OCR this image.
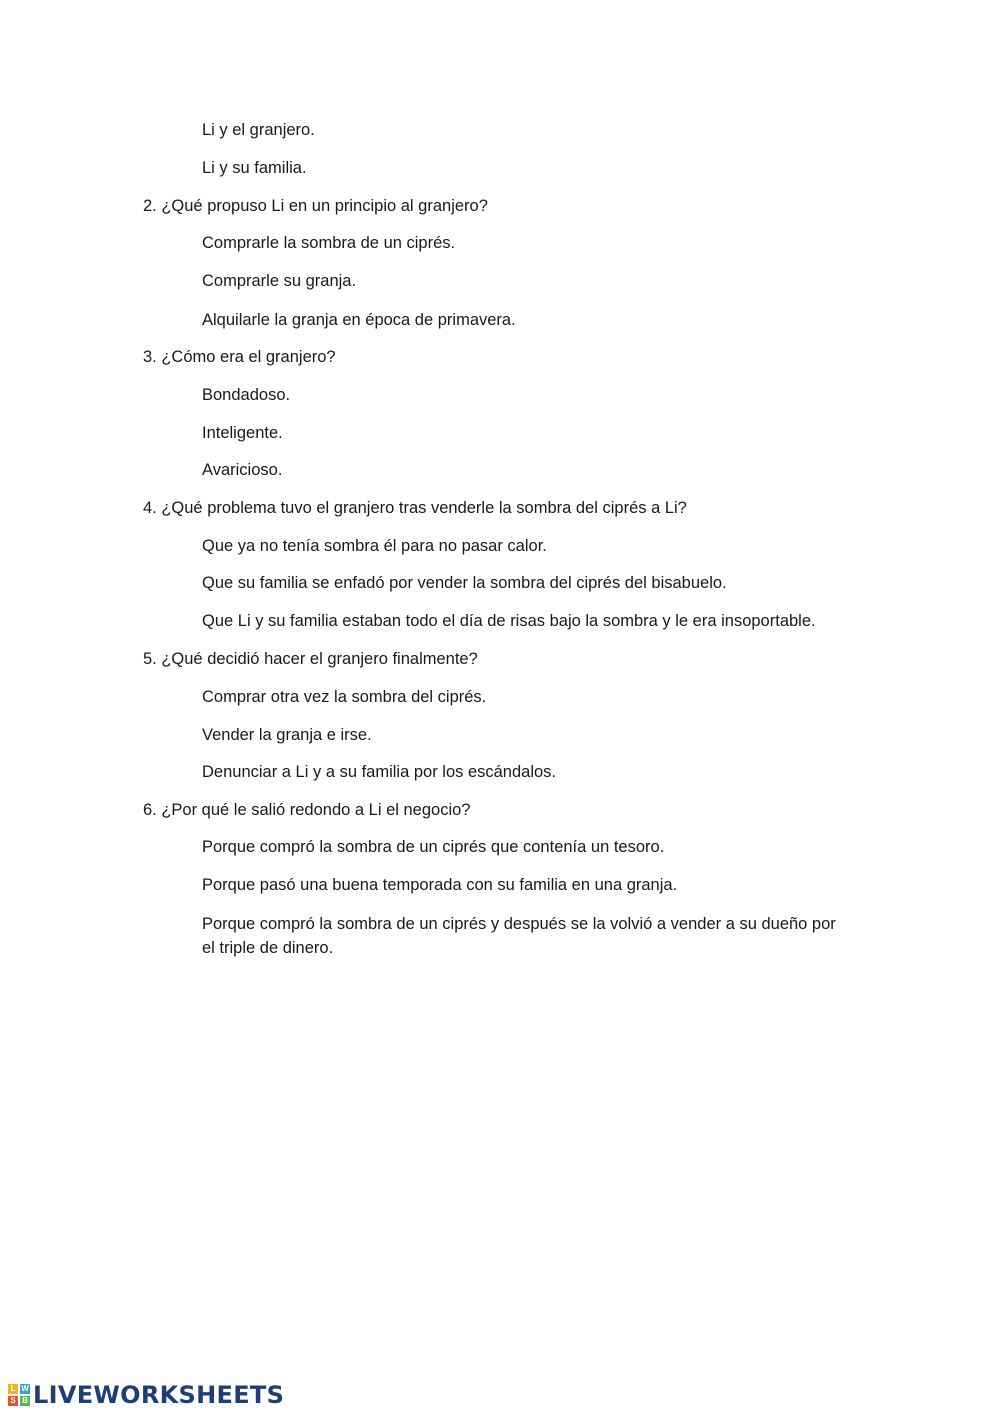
Li y el granjero.
Li y su familia.
2. ¿Qué propuso Li en un principio al granjero?
Comprarle la sombra de un ciprés.
Comprarle su granja.
Alquilarle la granja en época de primavera.
3. ¿Cómo era el granjero?
Bondadoso.
Inteligente.
Avaricioso.
4. ¿Qué problema tuvo el granjero tras venderle la sombra del ciprés a Li?
Que ya no tenía sombra él para no pasar calor.
Que su familia se enfadó por vender la sombra del ciprés del bisabuelo.
Que Li y su familia estaban todo el día de risas bajo la sombra y le era insoportable.
5. ¿Qué decidió hacer el granjero finalmente?
Comprar otra vez la sombra del ciprés.
Vender la granja e irse.
Denunciar a Li y a su familia por los escándalos.
6. ¿Por qué le salió redondo a Li el negocio?
Porque compró la sombra de un ciprés que contenía un tesoro.
Porque pasó una buena temporada con su familia en una granja.
Porque compró la sombra de un ciprés y después se la volvió a vender a su dueño por el triple de dinero.
L W
S B LIVEWORKSHEETS
